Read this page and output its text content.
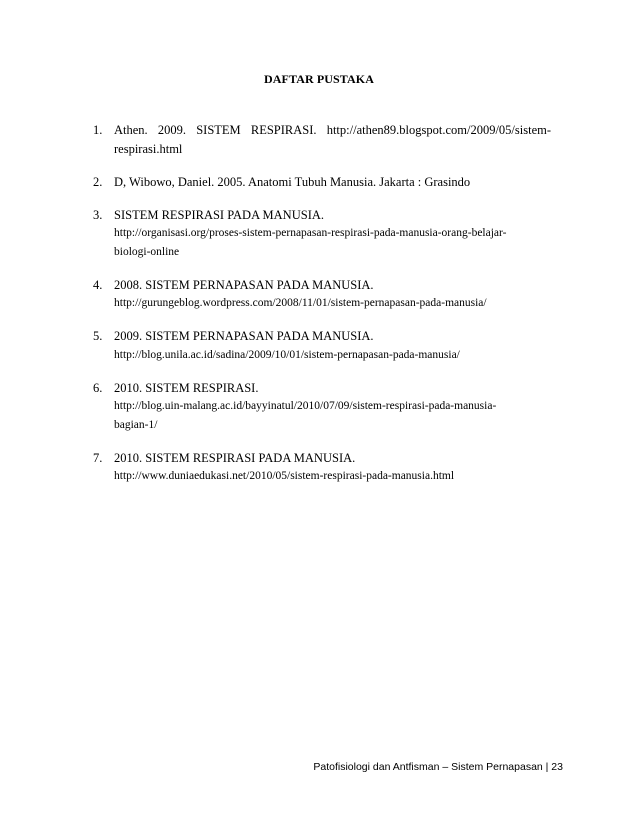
DAFTAR PUSTAKA
1. Athen. 2009. SISTEM RESPIRASI. http://athen89.blogspot.com/2009/05/sistem-
respirasi.html
2. D, Wibowo, Daniel. 2005. Anatomi Tubuh Manusia. Jakarta : Grasindo
3. SISTEM RESPIRASI PADA MANUSIA.
http://organisasi.org/proses-sistem-pernapasan-respirasi-pada-manusia-orang-belajar-
biologi-online
4. 2008. SISTEM PERNAPASAN PADA MANUSIA.
http://gurungeblog.wordpress.com/2008/11/01/sistem-pernapasan-pada-manusia/
5. 2009. SISTEM PERNAPASAN PADA MANUSIA.
http://blog.unila.ac.id/sadina/2009/10/01/sistem-pernapasan-pada-manusia/
6. 2010. SISTEM RESPIRASI.
http://blog.uin-malang.ac.id/bayyinatul/2010/07/09/sistem-respirasi-pada-manusia-
bagian-1/
7. 2010. SISTEM RESPIRASI PADA MANUSIA.
http://www.duniaedukasi.net/2010/05/sistem-respirasi-pada-manusia.html
Patofisiologi dan Antfisman – Sistem Pernapasan | 23
